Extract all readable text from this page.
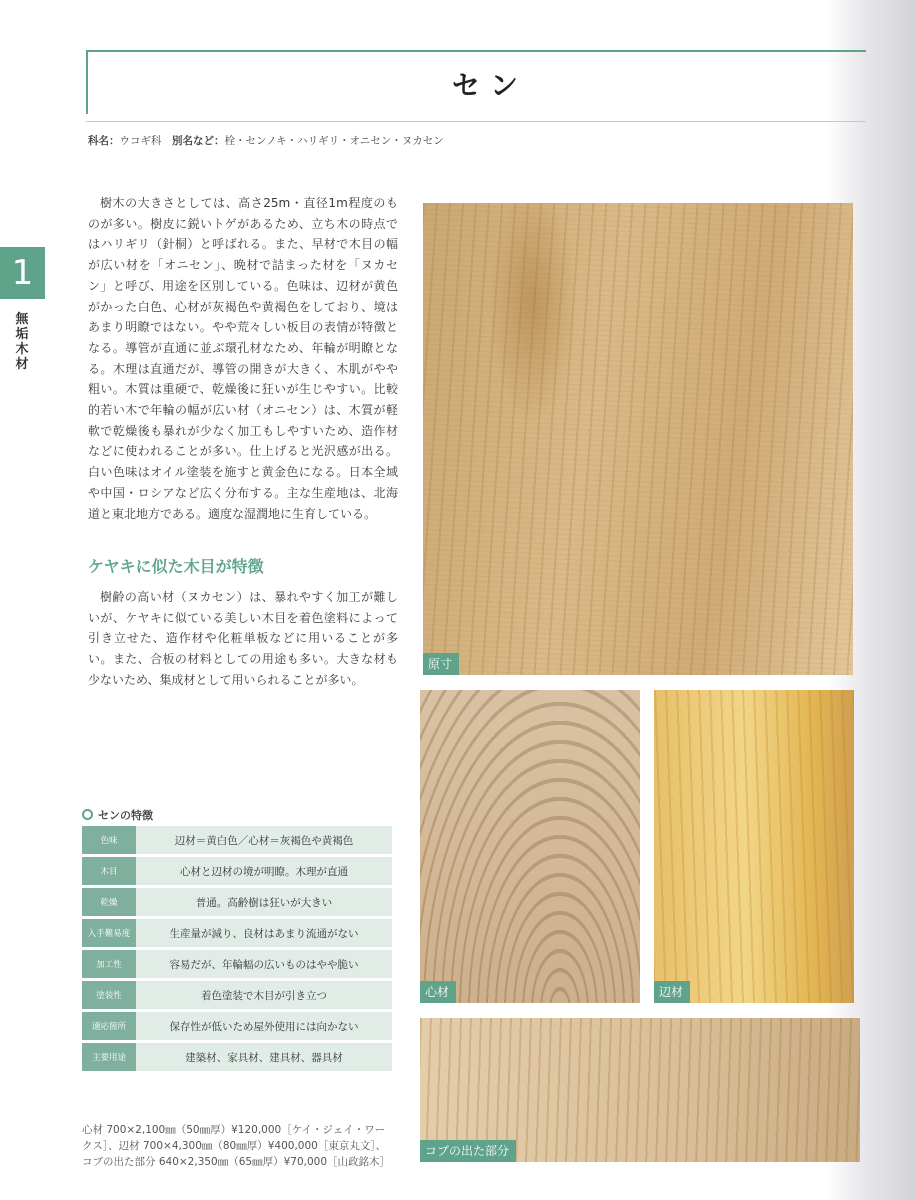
セン
科名：ウコギ科　 別名など：栓・センノキ・ハリギリ・オニセン・ヌカセン
1
無垢木材

樹木の大きさとしては、高さ25m・直径1m程度のものが多い。樹皮に鋭いトゲがあるため、立ち木の時点ではハリギリ（針桐）と呼ばれる。また、早材で木目の幅が広い材を「オニセン」、晩材で詰まった材を「ヌカセン」と呼び、用途を区別している。色味は、辺材が黄色がかった白色、心材が灰褐色や黄褐色をしており、境はあまり明瞭ではない。やや荒々しい板目の表情が特徴となる。導管が直通に並ぶ環孔材なため、年輪が明瞭となる。木理は直通だが、導管の開きが大きく、木肌がやや粗い。木質は重硬で、乾燥後に狂いが生じやすい。比較的若い木で年輪の幅が広い材（オニセン）は、木質が軽軟で乾燥後も暴れが少なく加工もしやすいため、造作材などに使われることが多い。仕上げると光沢感が出る。白い色味はオイル塗装を施すと黄金色になる。日本全域や中国・ロシアなど広く分布する。主な生産地は、北海道と東北地方である。適度な湿潤地に生育している。

ケヤキに似た木目が特徴

樹齢の高い材（ヌカセン）は、暴れやすく加工が難しいが、ケヤキに似ている美しい木目を着色塗料によって引き立せた、造作材や化粧単板などに用いることが多い。また、合板の材料としての用途も多い。大きな材も少ないため、集成材として用いられることが多い。

センの特徴
色味	辺材＝黄白色／心材＝灰褐色や黄褐色
木目	心材と辺材の境が明瞭。木理が直通
乾燥	普通。高齢樹は狂いが大きい
入手難易度	生産量が減り、良材はあまり流通がない
加工性	容易だが、年輪幅の広いものはやや脆い
塗装性	着色塗装で木目が引き立つ
適応箇所	保存性が低いため屋外使用には向かない
主要用途	建築材、家具材、建具材、器具材
原寸
心材	辺材
コブの出た部分
心材 700×2,100㎜（50㎜厚）¥120,000［ケイ・ジェイ・ワークス］、辺材 700×4,300㎜（80㎜厚）¥400,000［東京丸文］、コブの出た部分 640×2,350㎜（65㎜厚）¥70,000［山政銘木］
